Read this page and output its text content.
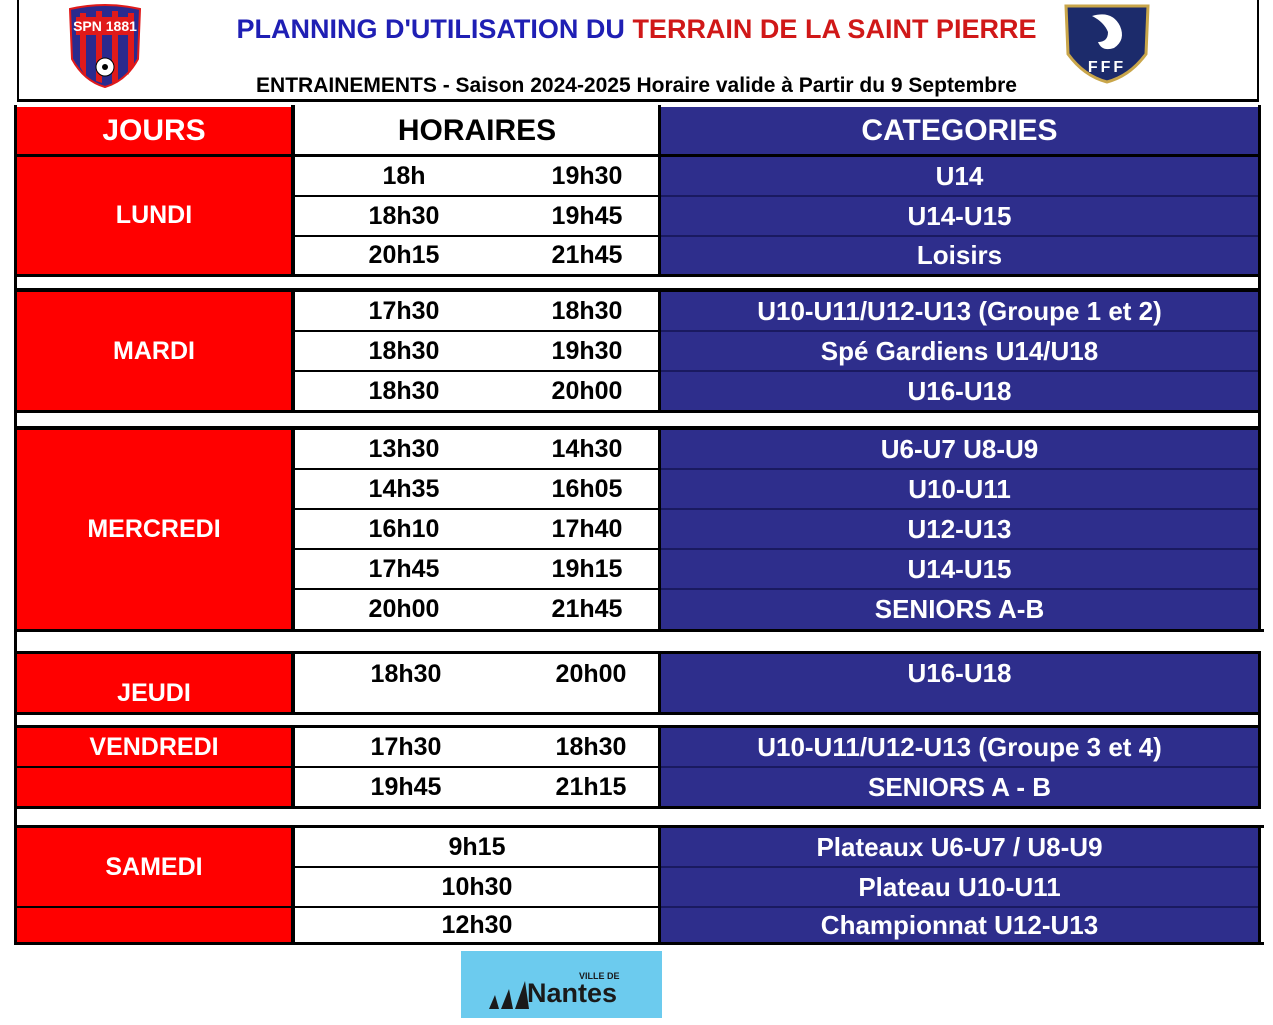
SPN 1881
FFF
PLANNING D'UTILISATION DU TERRAIN DE LA SAINT PIERRE
ENTRAINEMENTS - Saison 2024-2025 Horaire valide à Partir du 9 Septembre
JOURS	HORAIRES	CATEGORIES
LUNDI
18h	19h30	U14
18h30	19h45	U14-U15
20h15	21h45	Loisirs
MARDI
17h30	18h30	U10-U11/U12-U13 (Groupe 1 et 2)
18h30	19h30	Spé Gardiens U14/U18
18h30	20h00	U16-U18
MERCREDI
13h30	14h30	U6-U7 U8-U9
14h35	16h05	U10-U11
16h10	17h40	U12-U13
17h45	19h15	U14-U15
20h00	21h45	SENIORS A-B
JEUDI
18h30	20h00	U16-U18
VENDREDI	17h30	18h30	U10-U11/U12-U13 (Groupe 3 et 4)
19h45	21h15	SENIORS A - B
SAMEDI
9h15	Plateaux U6-U7 / U8-U9
10h30	Plateau U10-U11
12h30	Championnat U12-U13
VILLE DE
Nantes
